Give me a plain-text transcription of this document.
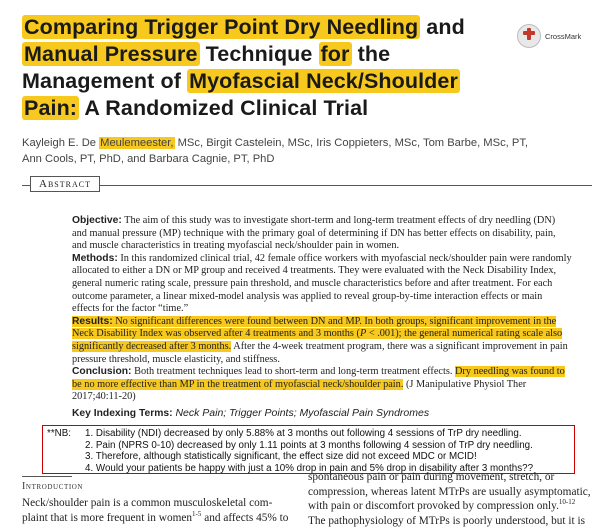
Comparing Trigger Point Dry Needling and
Manual Pressure Technique for the
Management of Myofascial Neck/Shoulder
Pain: A Randomized Clinical Trial
CrossMark
Kayleigh E. De Meulemeester, MSc, Birgit Castelein, MSc, Iris Coppieters, MSc, Tom Barbe, MSc, PT,
Ann Cools, PT, PhD, and Barbara Cagnie, PT, PhD
Abstract

Objective: The aim of this study was to investigate short-term and long-term treatment effects of dry needling (DN) and manual pressure (MP) technique with the primary goal of determining if DN has better effects on disability, pain, and muscle characteristics in treating myofascial neck/shoulder pain in women.

Methods: In this randomized clinical trial, 42 female office workers with myofascial neck/shoulder pain were randomly allocated to either a DN or MP group and received 4 treatments. They were evaluated with the Neck Disability Index, general numeric rating scale, pressure pain threshold, and muscle characteristics before and after treatment. For each outcome parameter, a linear mixed-model analysis was applied to reveal group-by-time interaction effects or main effects for the factor “time.”

Results: No significant differences were found between DN and MP. In both groups, significant improvement in the Neck Disability Index was observed after 4 treatments and 3 months (P < .001); the general numerical rating scale also significantly decreased after 3 months. After the 4-week treatment program, there was a significant improvement in pain pressure threshold, muscle elasticity, and stiffness.

Conclusion: Both treatment techniques lead to short-term and long-term treatment effects. Dry needling was found to be no more effective than MP in the treatment of myofascial neck/shoulder pain. (J Manipulative Physiol Ther 2017;40:11-20)

Key Indexing Terms: Neck Pain; Trigger Points; Myofascial Pain Syndromes

**NB: 1. Disability (NDI) decreased by only 5.88% at 3 months out following 4 sessions of TrP dry needling.
2. Pain (NPRS 0-10) decreased by only 1.11 points at 3 months following 4 session of TrP dry needling.
3. Therefore, although statistically significant, the effect size did not exceed MDC or MCID!
4. Would your patients be happy with just a 10% drop in pain and 5% drop in disability after 3 months??
Introduction
Neck/shoulder pain is a common musculoskeletal com-
plaint that is more frequent in women$^{1-5}$ and affects 45% to
spontaneous pain or pain during movement, stretch, or
compression, whereas latent MTrPs are usually asymptomatic,
with pain or discomfort provoked by compression only.$^{10-12}$
The pathophysiology of MTrPs is poorly understood, but it is
